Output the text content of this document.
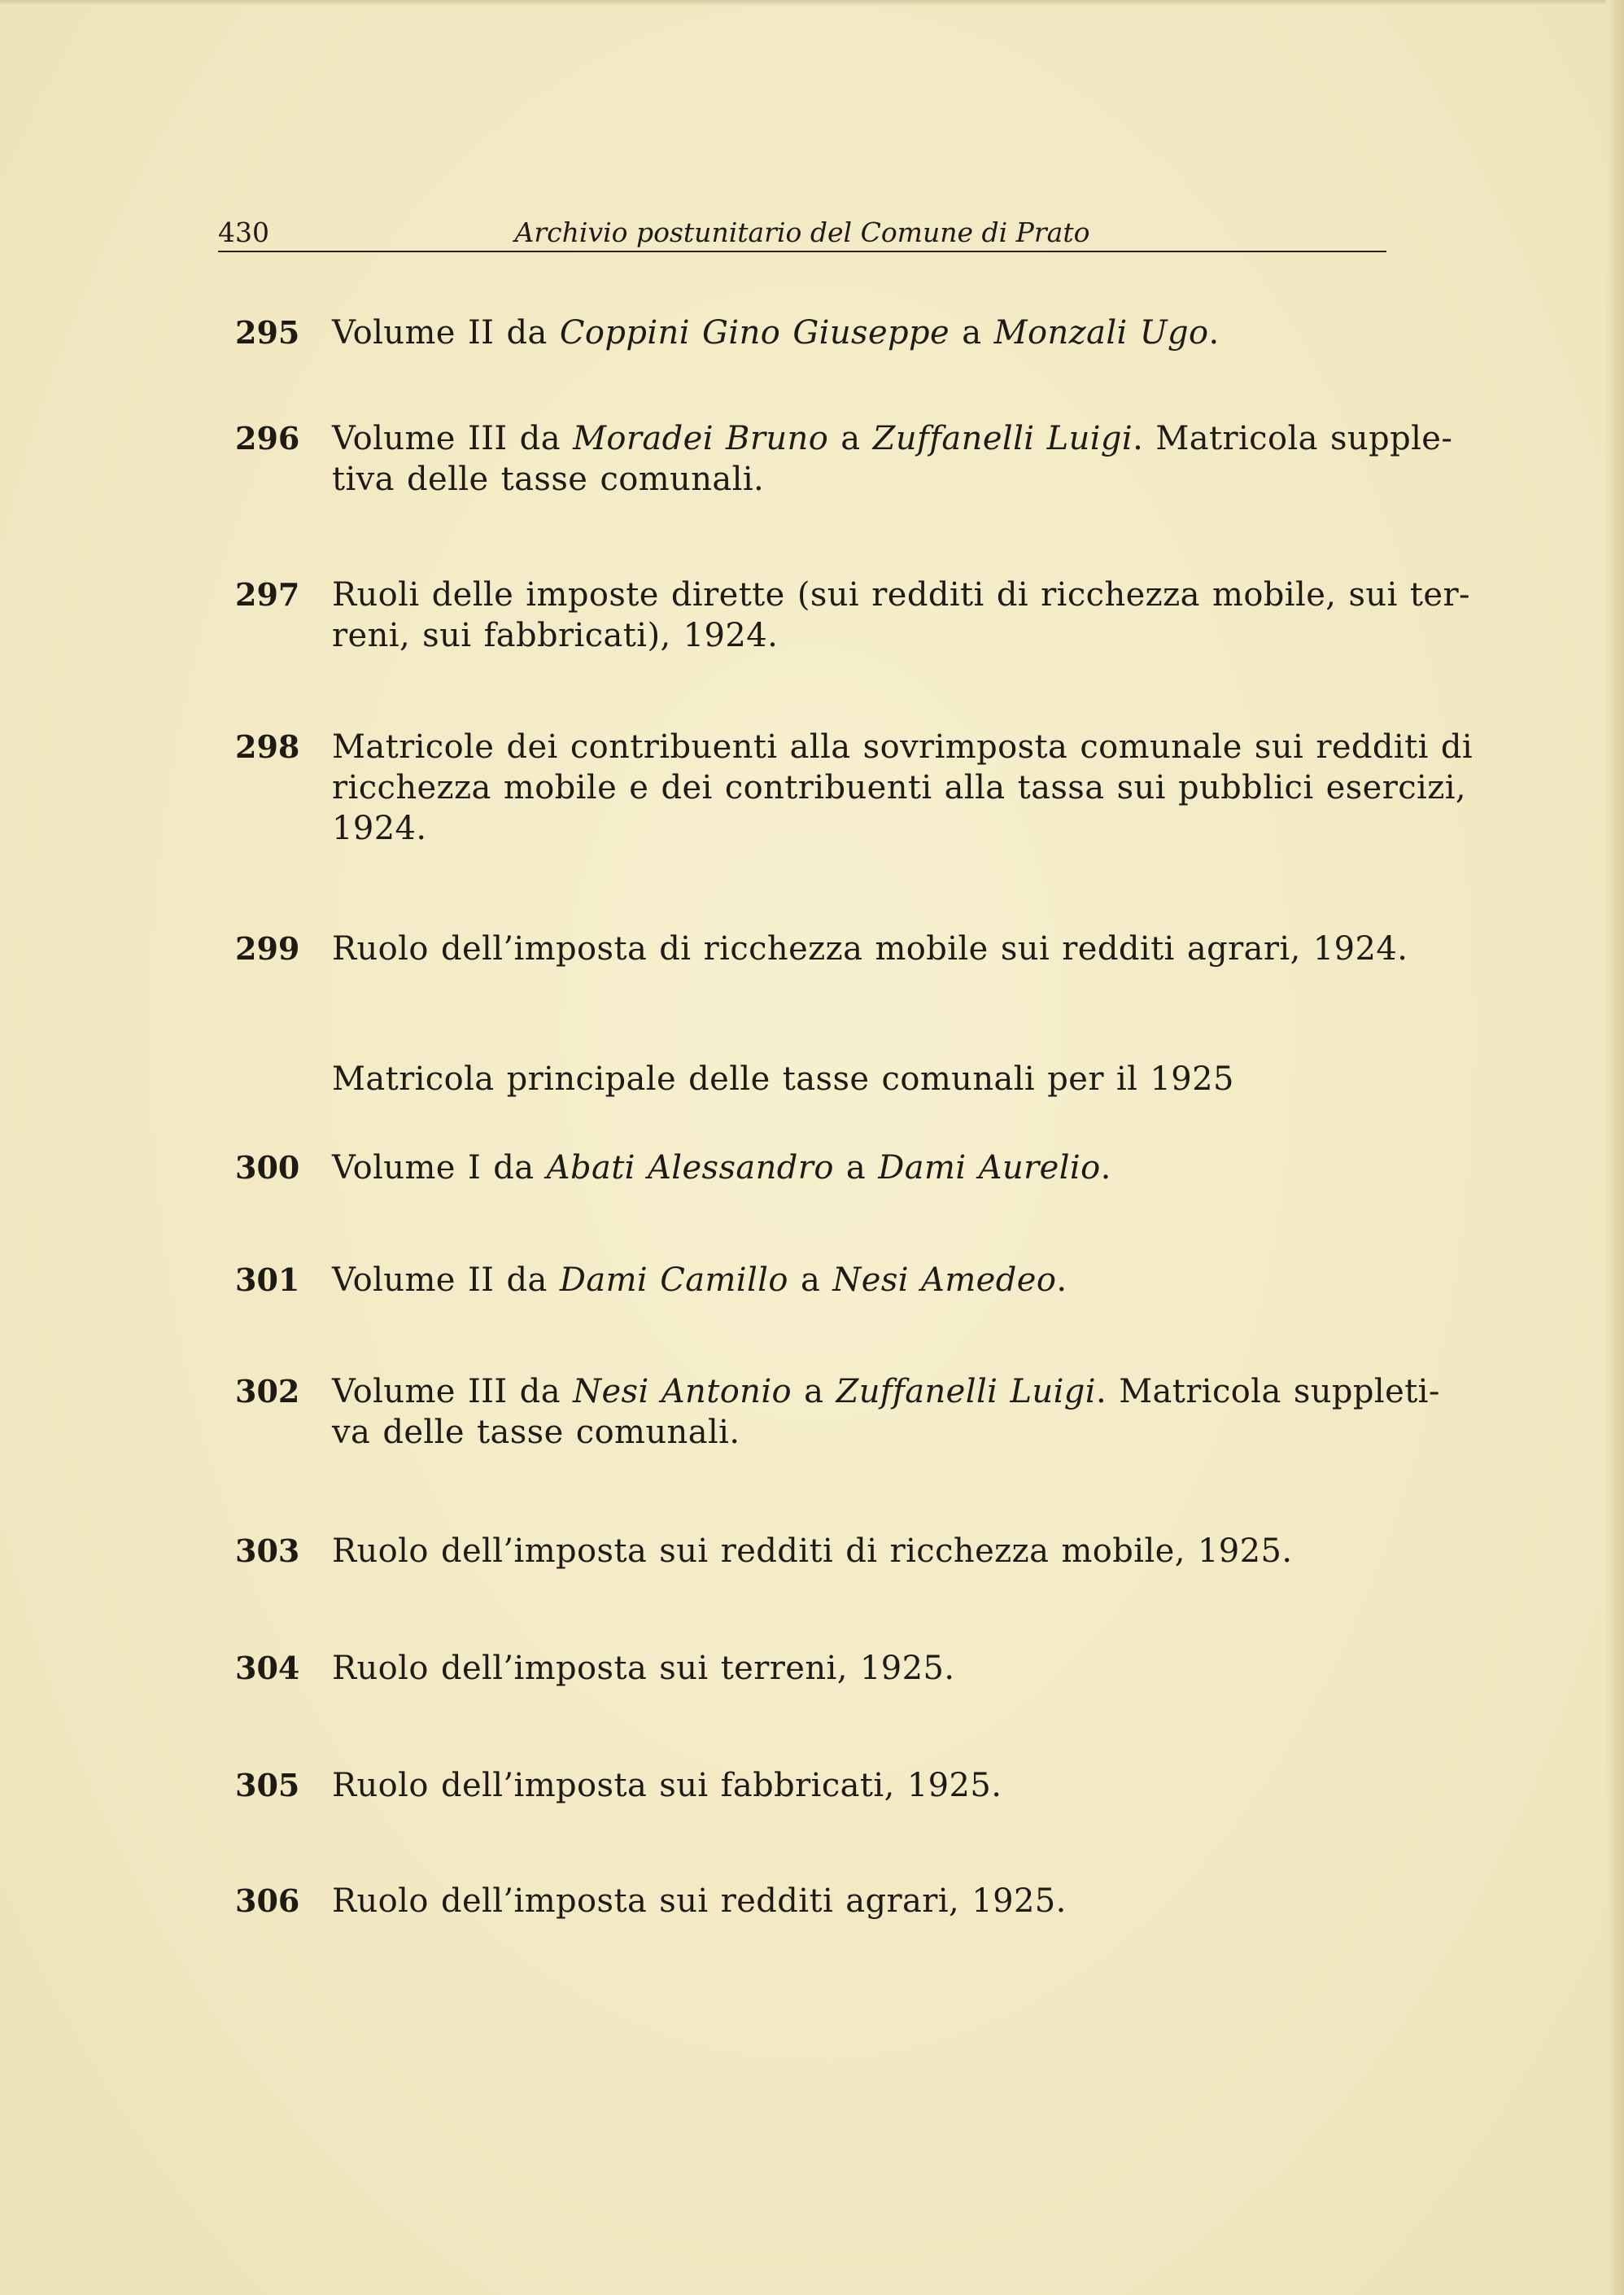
430	Archivio postunitario del Comune di Prato
295 Volume II da Coppini Gino Giuseppe a Monzali Ugo.
296 Volume III da Moradei Bruno a Zuffanelli Luigi. Matricola supple-
tiva delle tasse comunali.
297 Ruoli delle imposte dirette (sui redditi di ricchezza mobile, sui ter-
reni, sui fabbricati), 1924.
298 Matricole dei contribuenti alla sovrimposta comunale sui redditi di
ricchezza mobile e dei contribuenti alla tassa sui pubblici esercizi,
1924.
299 Ruolo dell’imposta di ricchezza mobile sui redditi agrari, 1924.
Matricola principale delle tasse comunali per il 1925
300 Volume I da Abati Alessandro a Dami Aurelio.
301 Volume II da Dami Camillo a Nesi Amedeo.
302 Volume III da Nesi Antonio a Zuffanelli Luigi. Matricola suppleti-
va delle tasse comunali.
303 Ruolo dell’imposta sui redditi di ricchezza mobile, 1925.
304 Ruolo dell’imposta sui terreni, 1925.
305 Ruolo dell’imposta sui fabbricati, 1925.
306 Ruolo dell’imposta sui redditi agrari, 1925.
